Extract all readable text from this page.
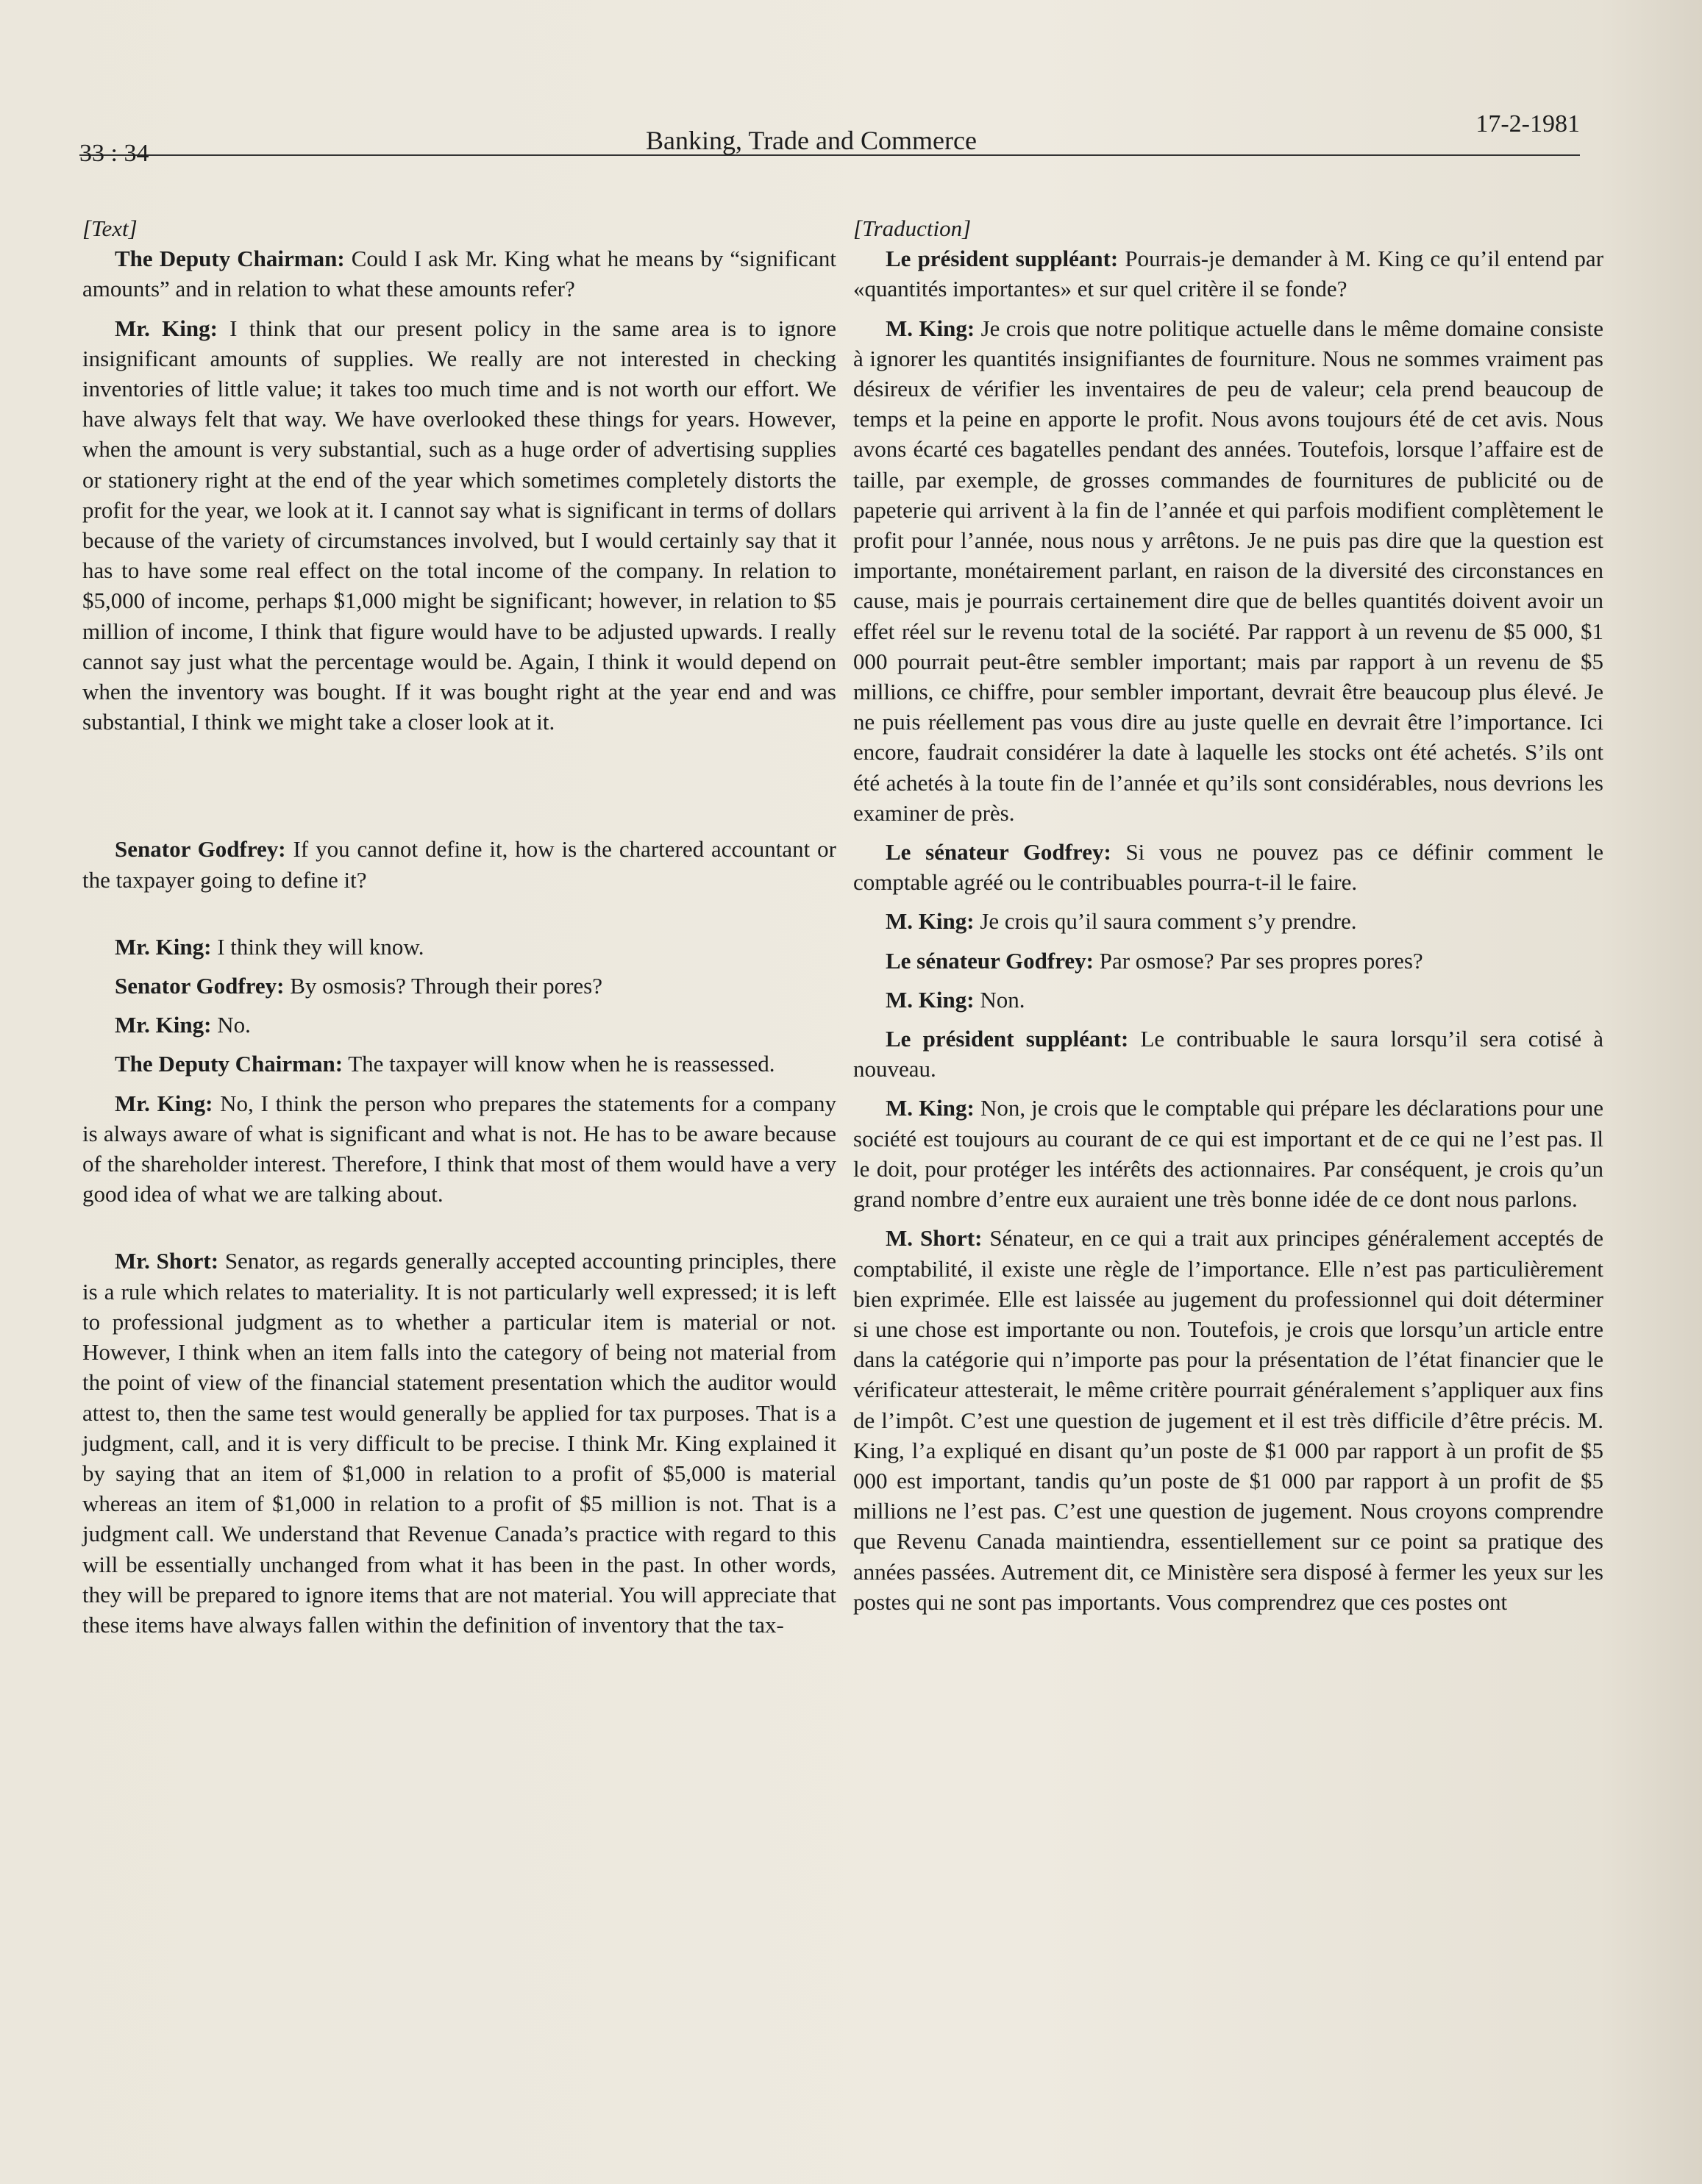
33 : 34	Banking, Trade and Commerce
17-2-1981

[Text]

The Deputy Chairman: Could I ask Mr. King what he means by “significant amounts” and in relation to what these amounts refer?

Mr. King: I think that our present policy in the same area is to ignore insignificant amounts of supplies. We really are not interested in checking inventories of little value; it takes too much time and is not worth our effort. We have always felt that way. We have overlooked these things for years. However, when the amount is very substantial, such as a huge order of advertising supplies or stationery right at the end of the year which sometimes completely distorts the profit for the year, we look at it. I cannot say what is significant in terms of dollars because of the variety of circumstances involved, but I would certainly say that it has to have some real effect on the total income of the company. In relation to $5,000 of income, perhaps $1,000 might be significant; however, in relation to $5 million of income, I think that figure would have to be adjusted upwards. I really cannot say just what the percentage would be. Again, I think it would depend on when the inventory was bought. If it was bought right at the year end and was substantial, I think we might take a closer look at it.

Senator Godfrey: If you cannot define it, how is the chartered accountant or the taxpayer going to define it?

Mr. King: I think they will know.

Senator Godfrey: By osmosis? Through their pores?

Mr. King: No.

The Deputy Chairman: The taxpayer will know when he is reassessed.

Mr. King: No, I think the person who prepares the statements for a company is always aware of what is significant and what is not. He has to be aware because of the shareholder interest. Therefore, I think that most of them would have a very good idea of what we are talking about.

Mr. Short: Senator, as regards generally accepted accounting principles, there is a rule which relates to materiality. It is not particularly well expressed; it is left to professional judgment as to whether a particular item is material or not. However, I think when an item falls into the category of being not material from the point of view of the financial statement presentation which the auditor would attest to, then the same test would generally be applied for tax purposes. That is a judgment, call, and it is very difficult to be precise. I think Mr. King explained it by saying that an item of $1,000 in relation to a profit of $5,000 is material whereas an item of $1,000 in relation to a profit of $5 million is not. That is a judgment call. We understand that Revenue Canada’s practice with regard to this will be essentially unchanged from what it has been in the past. In other words, they will be prepared to ignore items that are not material. You will appreciate that these items have always fallen within the definition of inventory that the tax-

[Traduction]

Le président suppléant: Pourrais-je demander à M. King ce qu’il entend par «quantités importantes» et sur quel critère il se fonde?

M. King: Je crois que notre politique actuelle dans le même domaine consiste à ignorer les quantités insignifiantes de fourniture. Nous ne sommes vraiment pas désireux de vérifier les inventaires de peu de valeur; cela prend beaucoup de temps et la peine en apporte le profit. Nous avons toujours été de cet avis. Nous avons écarté ces bagatelles pendant des années. Toutefois, lorsque l’affaire est de taille, par exemple, de grosses commandes de fournitures de publicité ou de papeterie qui arrivent à la fin de l’année et qui parfois modifient complètement le profit pour l’année, nous nous y arrêtons. Je ne puis pas dire que la question est importante, monétairement parlant, en raison de la diversité des circonstances en cause, mais je pourrais certainement dire que de belles quantités doivent avoir un effet réel sur le revenu total de la société. Par rapport à un revenu de $5 000, $1 000 pourrait peut-être sembler important; mais par rapport à un revenu de $5 millions, ce chiffre, pour sembler important, devrait être beaucoup plus élevé. Je ne puis réellement pas vous dire au juste quelle en devrait être l’importance. Ici encore, faudrait considérer la date à laquelle les stocks ont été achetés. S’ils ont été achetés à la toute fin de l’année et qu’ils sont considérables, nous devrions les examiner de près.

Le sénateur Godfrey: Si vous ne pouvez pas ce définir comment le comptable agréé ou le contribuables pourra-t-il le faire.

M. King: Je crois qu’il saura comment s’y prendre.

Le sénateur Godfrey: Par osmose? Par ses propres pores?

M. King: Non.

Le président suppléant: Le contribuable le saura lorsqu’il sera cotisé à nouveau.

M. King: Non, je crois que le comptable qui prépare les déclarations pour une société est toujours au courant de ce qui est important et de ce qui ne l’est pas. Il le doit, pour protéger les intérêts des actionnaires. Par conséquent, je crois qu’un grand nombre d’entre eux auraient une très bonne idée de ce dont nous parlons.

M. Short: Sénateur, en ce qui a trait aux principes généralement acceptés de comptabilité, il existe une règle de l’importance. Elle n’est pas particulièrement bien exprimée. Elle est laissée au jugement du professionnel qui doit déterminer si une chose est importante ou non. Toutefois, je crois que lorsqu’un article entre dans la catégorie qui n’importe pas pour la présentation de l’état financier que le vérificateur attesterait, le même critère pourrait généralement s’appliquer aux fins de l’impôt. C’est une question de jugement et il est très difficile d’être précis. M. King, l’a expliqué en disant qu’un poste de $1 000 par rapport à un profit de $5 000 est important, tandis qu’un poste de $1 000 par rapport à un profit de $5 millions ne l’est pas. C’est une question de jugement. Nous croyons comprendre que Revenu Canada maintiendra, essentiellement sur ce point sa pratique des années passées. Autrement dit, ce Ministère sera disposé à fermer les yeux sur les postes qui ne sont pas importants. Vous comprendrez que ces postes ont
